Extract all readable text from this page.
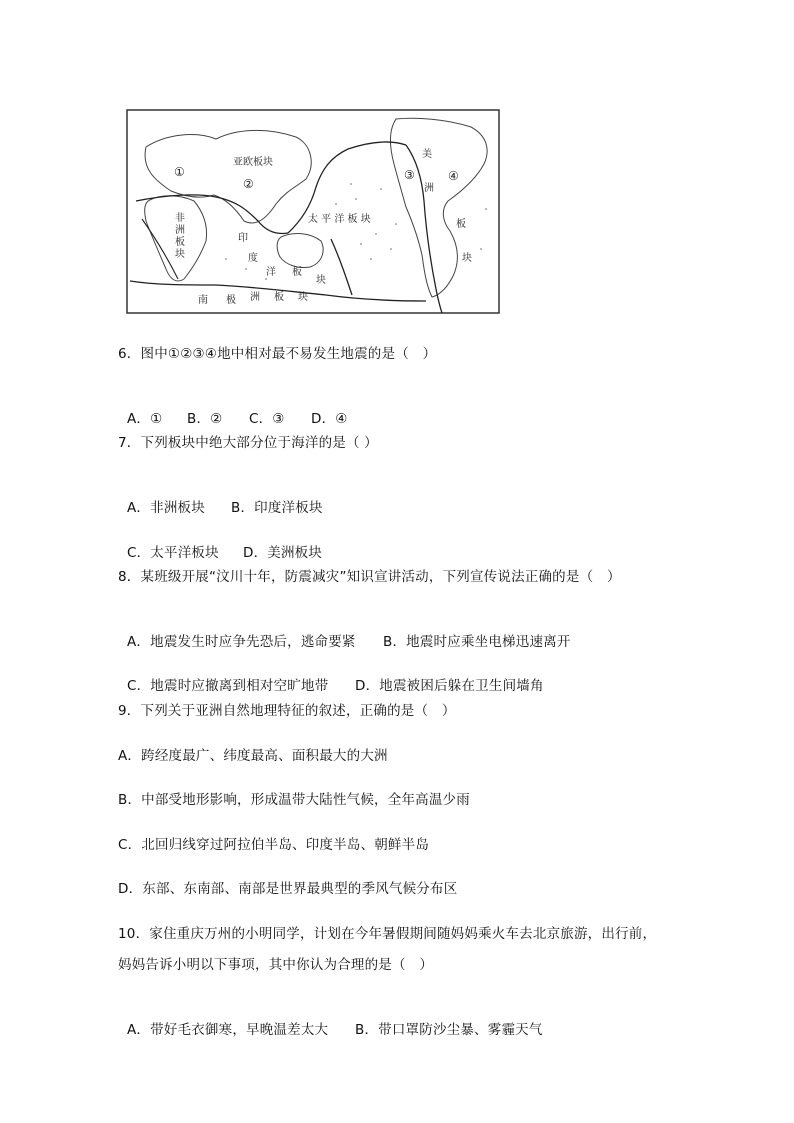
亚欧板块
太 平 洋 板 块
非
洲
板
块
美
洲
板
块
印
度
洋 板
块
南 极 洲 板 块
①
②
③	④
6．图中①②③④地中相对最不易发生地震的是（　）

A．① B．② C．③ D．④

7．下列板块中绝大部分位于海洋的是（ ）

A．非洲板块 B．印度洋板块

C．太平洋板块 D．美洲板块

8．某班级开展“汶川十年，防震减灾”知识宣讲活动，下列宣传说法正确的是（　）

A．地震发生时应争先恐后，逃命要紧 B．地震时应乘坐电梯迅速离开

C．地震时应撤离到相对空旷地带 D．地震被困后躲在卫生间墙角

9．下列关于亚洲自然地理特征的叙述，正确的是（　）
A．跨经度最广、纬度最高、面积最大的大洲
B．中部受地形影响，形成温带大陆性气候，全年高温少雨
C．北回归线穿过阿拉伯半岛、印度半岛、朝鲜半岛
D．东部、东南部、南部是世界最典型的季风气候分布区
10．家住重庆万州的小明同学，计划在今年暑假期间随妈妈乘火车去北京旅游，出行前，
妈妈告诉小明以下事项，其中你认为合理的是（　）

A．带好毛衣御寒，早晚温差太大 B．带口罩防沙尘暴、雾霾天气
